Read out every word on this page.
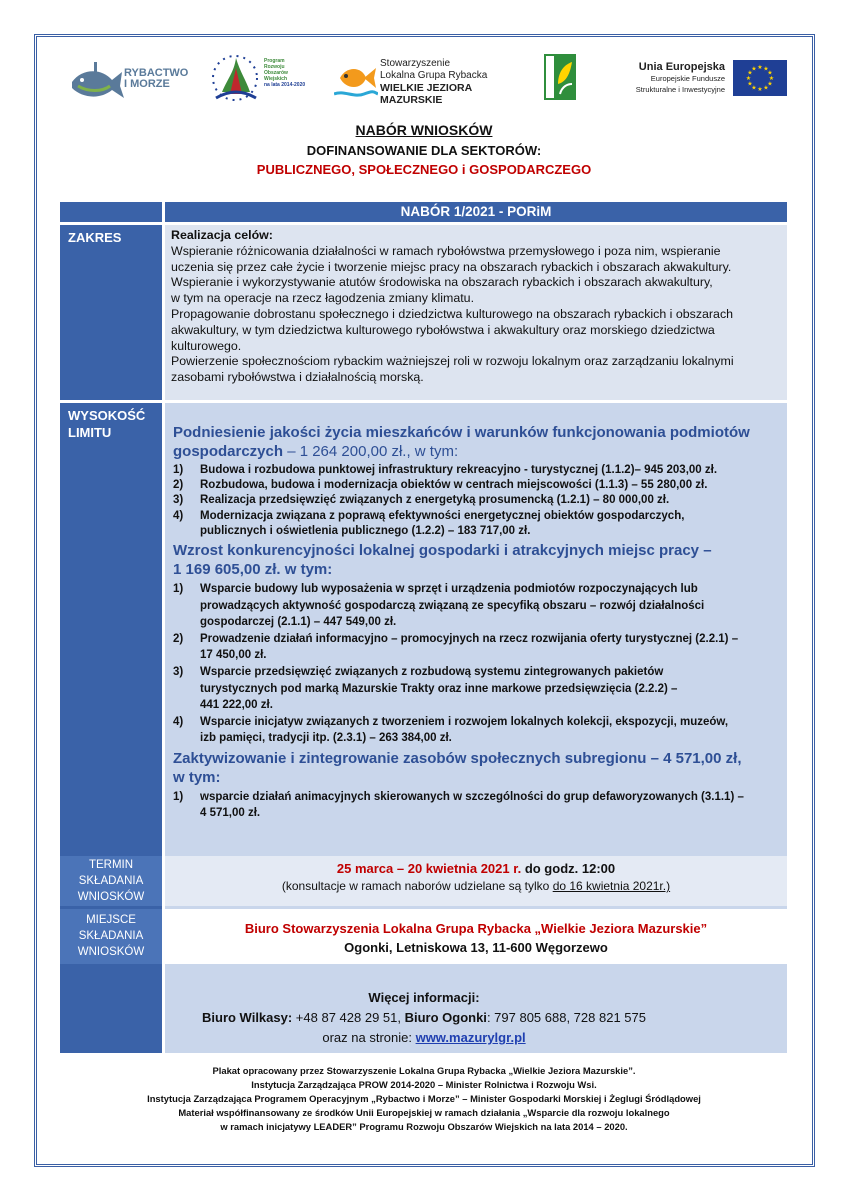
RYBACTWO I MORZE
Program
Rozwoju
Obszarów
Wiejskich
na lata 2014-2020
Stowarzyszenie
Lokalna Grupa Rybacka
WIELKIE JEZIORA MAZURSKIE
Unia Europejska
Europejskie Fundusze
Strukturalne i Inwestycyjne
★ ★
★
★
★
★
★
★
★
★
★
★
NABÓR WNIOSKÓW
DOFINANSOWANIE DLA SEKTORÓW:
PUBLICZNEGO, SPOŁECZNEGO i GOSPODARCZEGO
NABÓR 1/2021 - PORiM
ZAKRES	Realizacja celów:
Wspieranie różnicowania działalności w ramach rybołówstwa przemysłowego i poza nim, wspieranie
uczenia się przez całe życie i tworzenie miejsc pracy na obszarach rybackich i obszarach akwakultury.
Wspieranie i wykorzystywanie atutów środowiska na obszarach rybackich i obszarach akwakultury,
w tym na operacje na rzecz łagodzenia zmiany klimatu.
Propagowanie dobrostanu społecznego i dziedzictwa kulturowego na obszarach rybackich i obszarach
akwakultury, w tym dziedzictwa kulturowego rybołówstwa i akwakultury oraz morskiego dziedzictwa
kulturowego.
Powierzenie społecznościom rybackim ważniejszej roli w rozwoju lokalnym oraz zarządzaniu lokalnymi
zasobami rybołówstwa i działalnością morską.
WYSOKOŚĆ
LIMITU	Podniesienie jakości życia mieszkańców i warunków funkcjonowania podmiotów
gospodarczych – 1 264 200,00 zł., w tym:
1) Budowa i rozbudowa punktowej infrastruktury rekreacyjno - turystycznej (1.1.2)– 945 203,00 zł.
2) Rozbudowa, budowa i modernizacja obiektów w centrach miejscowości (1.1.3) – 55 280,00 zł.
3) Realizacja przedsięwzięć związanych z energetyką prosumencką (1.2.1) – 80 000,00 zł.
4) Modernizacja związana z poprawą efektywności energetycznej obiektów gospodarczych,
publicznych i oświetlenia publicznego (1.2.2) – 183 717,00 zł.
Wzrost konkurencyjności lokalnej gospodarki i atrakcyjnych miejsc pracy –
1 169 605,00 zł. w tym:
1) Wsparcie budowy lub wyposażenia w sprzęt i urządzenia podmiotów rozpoczynających lub
prowadzących aktywność gospodarczą związaną ze specyfiką obszaru – rozwój działalności
gospodarczej (2.1.1) – 447 549,00 zł.
2) Prowadzenie działań informacyjno – promocyjnych na rzecz rozwijania oferty turystycznej (2.2.1) –
17 450,00 zł.
3) Wsparcie przedsięwzięć związanych z rozbudową systemu zintegrowanych pakietów
turystycznych pod marką Mazurskie Trakty oraz inne markowe przedsięwzięcia (2.2.2) –
441 222,00 zł.
4) Wsparcie inicjatyw związanych z tworzeniem i rozwojem lokalnych kolekcji, ekspozycji, muzeów,
izb pamięci, tradycji itp. (2.3.1) – 263 384,00 zł.
Zaktywizowanie i zintegrowanie zasobów społecznych subregionu – 4 571,00 zł,
w tym:
1) wsparcie działań animacyjnych skierowanych w szczególności do grup defaworyzowanych (3.1.1) –
4 571,00 zł.
TERMIN
SKŁADANIA
WNIOSKÓW
25 marca – 20 kwietnia 2021 r. do godz. 12:00
(konsultacje w ramach naborów udzielane są tylko do 16 kwietnia 2021r.)
MIEJSCE
SKŁADANIA
WNIOSKÓW
Biuro Stowarzyszenia Lokalna Grupa Rybacka „Wielkie Jeziora Mazurskie”
Ogonki, Letniskowa 13, 11-600 Węgorzewo
Więcej informacji:
Biuro Wilkasy: +48 87 428 29 51, Biuro Ogonki: 797 805 688, 728 821 575
oraz na stronie: www.mazurylgr.pl
Plakat opracowany przez Stowarzyszenie Lokalna Grupa Rybacka „Wielkie Jeziora Mazurskie”.
Instytucja Zarządzająca PROW 2014-2020 – Minister Rolnictwa i Rozwoju Wsi.
Instytucja Zarządzająca Programem Operacyjnym „Rybactwo i Morze” – Minister Gospodarki Morskiej i Żeglugi Śródlądowej
Materiał współfinansowany ze środków Unii Europejskiej w ramach działania „Wsparcie dla rozwoju lokalnego
w ramach inicjatywy LEADER” Programu Rozwoju Obszarów Wiejskich na lata 2014 – 2020.
